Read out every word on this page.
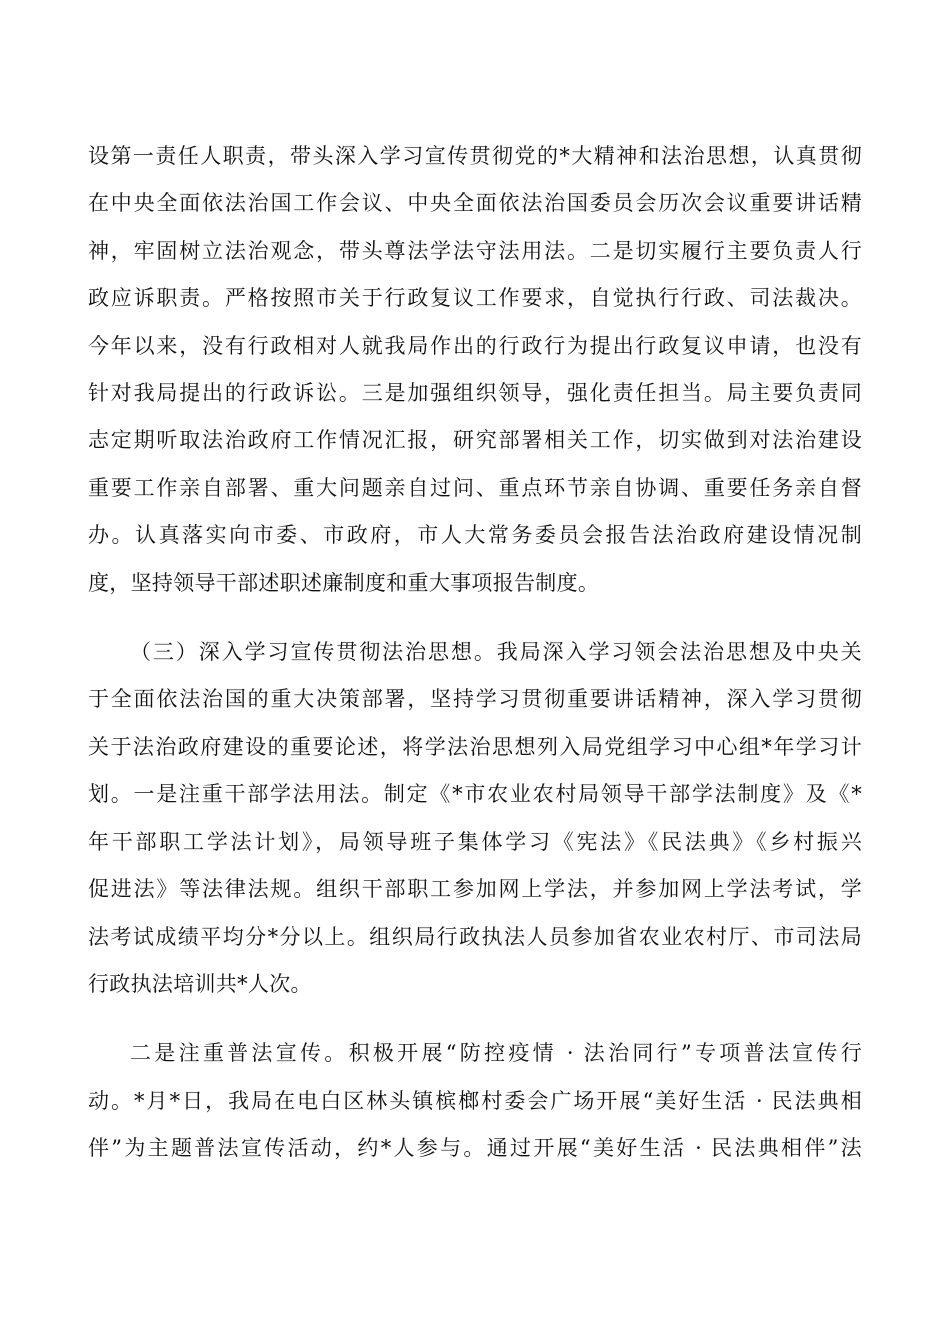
设第一责任人职责，带头深入学习宣传贯彻党的*大精神和法治思想，认真贯彻
在中央全面依法治国工作会议、中央全面依法治国委员会历次会议重要讲话精
神，牢固树立法治观念，带头尊法学法守法用法。二是切实履行主要负责人行
政应诉职责。严格按照市关于行政复议工作要求，自觉执行行政、司法裁决。
今年以来，没有行政相对人就我局作出的行政行为提出行政复议申请，也没有
针对我局提出的行政诉讼。三是加强组织领导，强化责任担当。局主要负责同
志定期听取法治政府工作情况汇报，研究部署相关工作，切实做到对法治建设
重要工作亲自部署、重大问题亲自过问、重点环节亲自协调、重要任务亲自督
办。认真落实向市委、市政府，市人大常务委员会报告法治政府建设情况制
度，坚持领导干部述职述廉制度和重大事项报告制度。
（三）深入学习宣传贯彻法治思想。我局深入学习领会法治思想及中央关
于全面依法治国的重大决策部署，坚持学习贯彻重要讲话精神，深入学习贯彻
关于法治政府建设的重要论述，将学法治思想列入局党组学习中心组*年学习计
划。一是注重干部学法用法。制定《*市农业农村局领导干部学法制度》及《*
年干部职工学法计划》，局领导班子集体学习《宪法》《民法典》《乡村振兴
促进法》等法律法规。组织干部职工参加网上学法，并参加网上学法考试，学
法考试成绩平均分*分以上。组织局行政执法人员参加省农业农村厅、市司法局
行政执法培训共*人次。
二是注重普法宣传。积极开展“防控疫情 · 法治同行”专项普法宣传行
动。*月*日，我局在电白区林头镇槟榔村委会广场开展“美好生活 · 民法典相
伴”为主题普法宣传活动，约*人参与。通过开展“美好生活 · 民法典相伴”法
